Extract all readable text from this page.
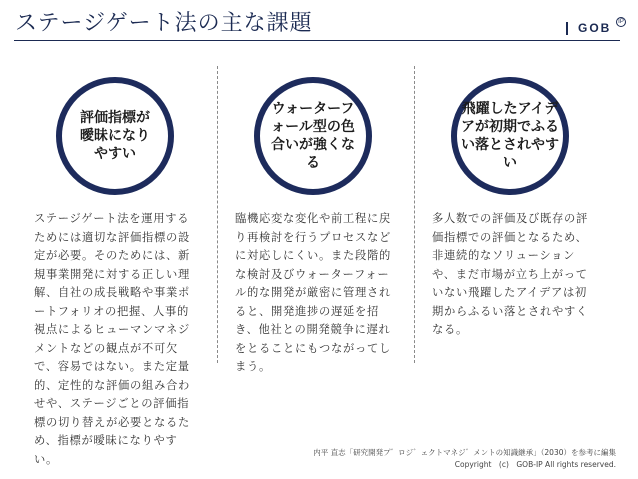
ステージゲート法の主な課題	GOB	IP
評価指標が曖昧になりやすい
ステージゲート法を運用するためには適切な評価指標の設定が必要。そのためには、新規事業開発に対する正しい理解、自社の成長戦略や事業ポートフォリオの把握、人事的視点によるヒューマンマネジメントなどの観点が不可欠で、容易ではない。また定量的、定性的な評価の組み合わせや、ステージごとの評価指標の切り替えが必要となるため、指標が曖昧になりやすい。
ウォーターフォール型の色合いが強くなる
臨機応変な変化や前工程に戻り再検討を行うプロセスなどに対応しにくい。また段階的な検討及びウォーターフォール的な開発が厳密に管理されると、開発進捗の遅延を招き、他社との開発競争に遅れをとることにもつながってしまう。
飛躍したアイデアが初期でふるい落とされやすい
多人数での評価及び既存の評価指標での評価となるため、非連続的なソリューションや、まだ市場が立ち上がっていない飛躍したアイデアは初期からふるい落とされやすくなる。
内平 直志「研究開発プ゛ロジ゛ェクトマネジ゛メントの知識継承」（2030）を参考に編集
Copyright　(c)　GOB-IP All rights reserved.
